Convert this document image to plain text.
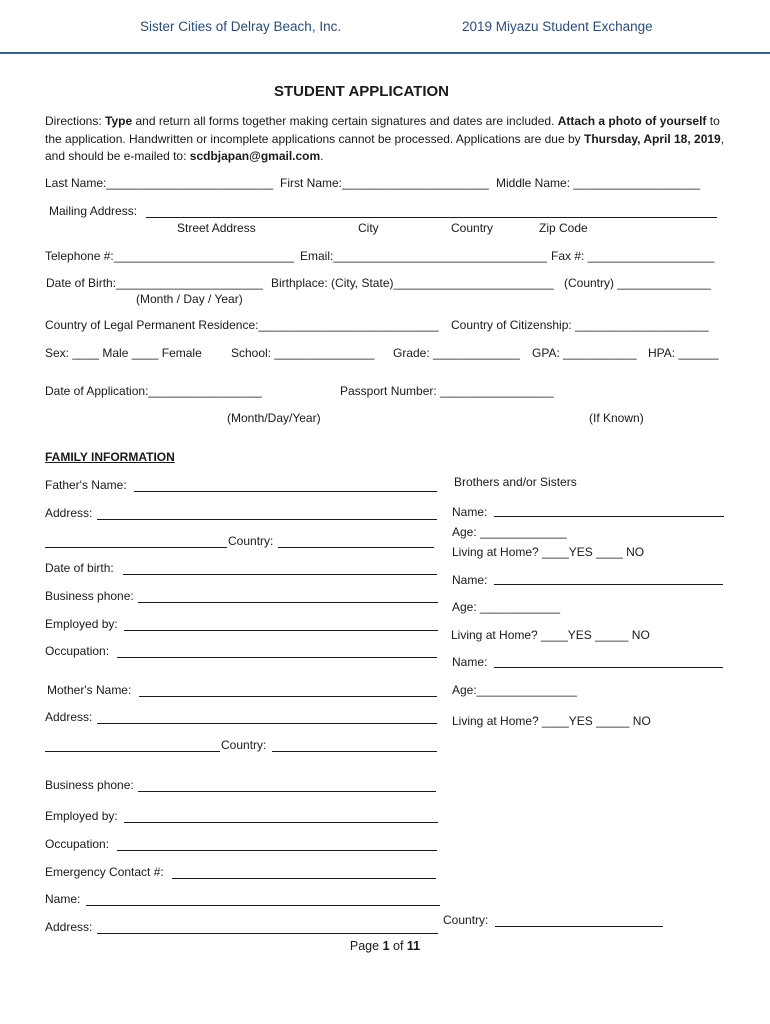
Sister Cities of Delray Beach, Inc.	2019 Miyazu Student Exchange
STUDENT APPLICATION
Directions: Type and return all forms together making certain signatures and dates are included. Attach a photo of yourself to the application. Handwritten or incomplete applications cannot be processed. Applications are due by Thursday, April 18, 2019, and should be e-mailed to: scdbjapan@gmail.com.
Last Name:_________________________ First Name:______________________ Middle Name: ___________________
Mailing Address:
Street Address	City	Country	Zip Code
Telephone #:___________________________ Email:________________________________ Fax #: ___________________
Date of Birth:______________________ Birthplace: (City, State)________________________ (Country) ______________
(Month / Day / Year)
Country of Legal Permanent Residence:___________________________ Country of Citizenship: ____________________
Sex: ____ Male ____ Female School: _______________ Grade: _____________ GPA: ___________ HPA: ______
Date of Application:_________________	Passport Number: _________________
(Month/Day/Year)	(If Known)
FAMILY INFORMATION
Father's Name:
Address:
Country:
Date of birth:
Business phone:
Employed by:
Occupation:
Mother's Name:
Address:
Country:
Business phone:
Employed by:
Occupation:
Emergency Contact #:
Name:
Address:	Country:
Brothers and/or Sisters
Name:
Age: _____________
Living at Home? ____YES ____ NO
Name:
Age: ____________
Living at Home? ____YES _____ NO
Name:
Age:_______________
Living at Home? ____YES _____ NO
Page 1 of 11
